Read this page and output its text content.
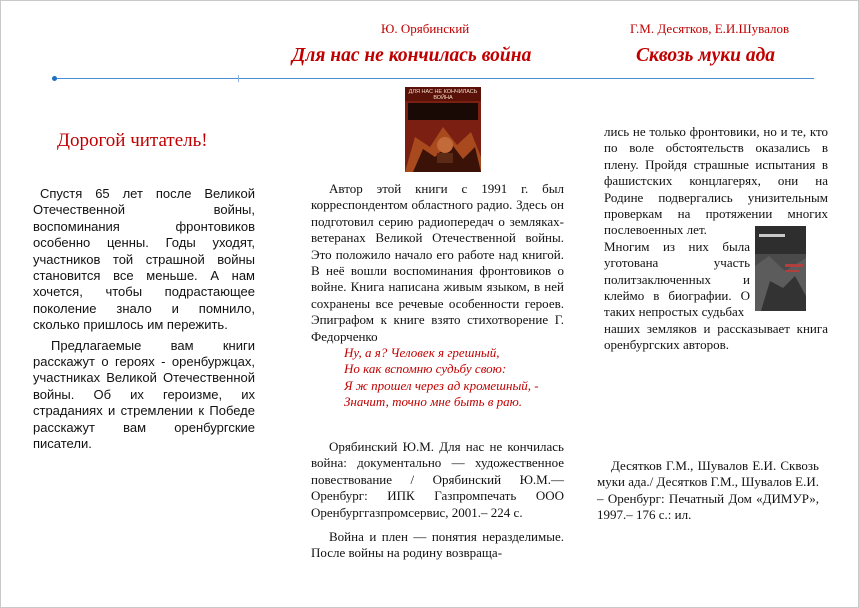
Ю. Орябинский
Для нас не кончилась война
Г.М. Десятков, Е.И.Шувалов
Сквозь муки ада
Дорогой читатель!

Спустя 65 лет после Великой Отечественной войны, воспоминания фронтовиков особенно ценны. Годы уходят, участников той страшной войны становится все меньше. А нам хочется, чтобы подрастающее поколение знало и помнило, сколько пришлось им пережить.

Предлагаемые вам книги расскажут о героях - оренбуржцах, участниках Великой Отечественной войны. Об их героизме, их страданиях и стремлении к Победе расскажут вам оренбургские писатели.

ДЛЯ НАС НЕ КОНЧИЛАСЬ ВОЙНА

Автор этой книги с 1991 г. был корреспондентом областного радио. Здесь он подготовил серию радиопередач о земляках-ветеранах Великой Отечественной войны. Это положило начало его работе над книгой. В неё вошли воспоминания фронтовиков о войне. Книга написана живым языком, в ней сохранены все речевые особенности героев. Эпиграфом к книге взято стихотворение Г. Федорченко

Ну, а я? Человек я грешный,
Но как вспомню судьбу свою:
Я ж прошел через ад кромешный, -
Значит, точно мне быть в раю.

Орябинский Ю.М. Для нас не кончилась война: документально — художественное повествование / Орябинский Ю.М.— Оренбург: ИПК Газпромпечать ООО Оренбурггазпромсервис, 2001.– 224 с.

Война и плен — понятия неразделимые. После войны на родину возвраща-

лись не только фронтовики, но и те, кто по воле обстоятельств оказались в плену. Пройдя страшные испытания в фашистских концлагерях, они на Родине подвергались унизительным проверкам на протяжении многих послевоенных лет.

Многим из них была уготована участь политзаключенных и клеймо в биографии. О таких непростых судьбах

наших земляков и рассказывает книга оренбургских авторов.

Десятков Г.М., Шувалов Е.И. Сквозь муки ада./ Десятков Г.М., Шувалов Е.И. – Оренбург: Печатный Дом «ДИМУР», 1997.– 176 с.: ил.
